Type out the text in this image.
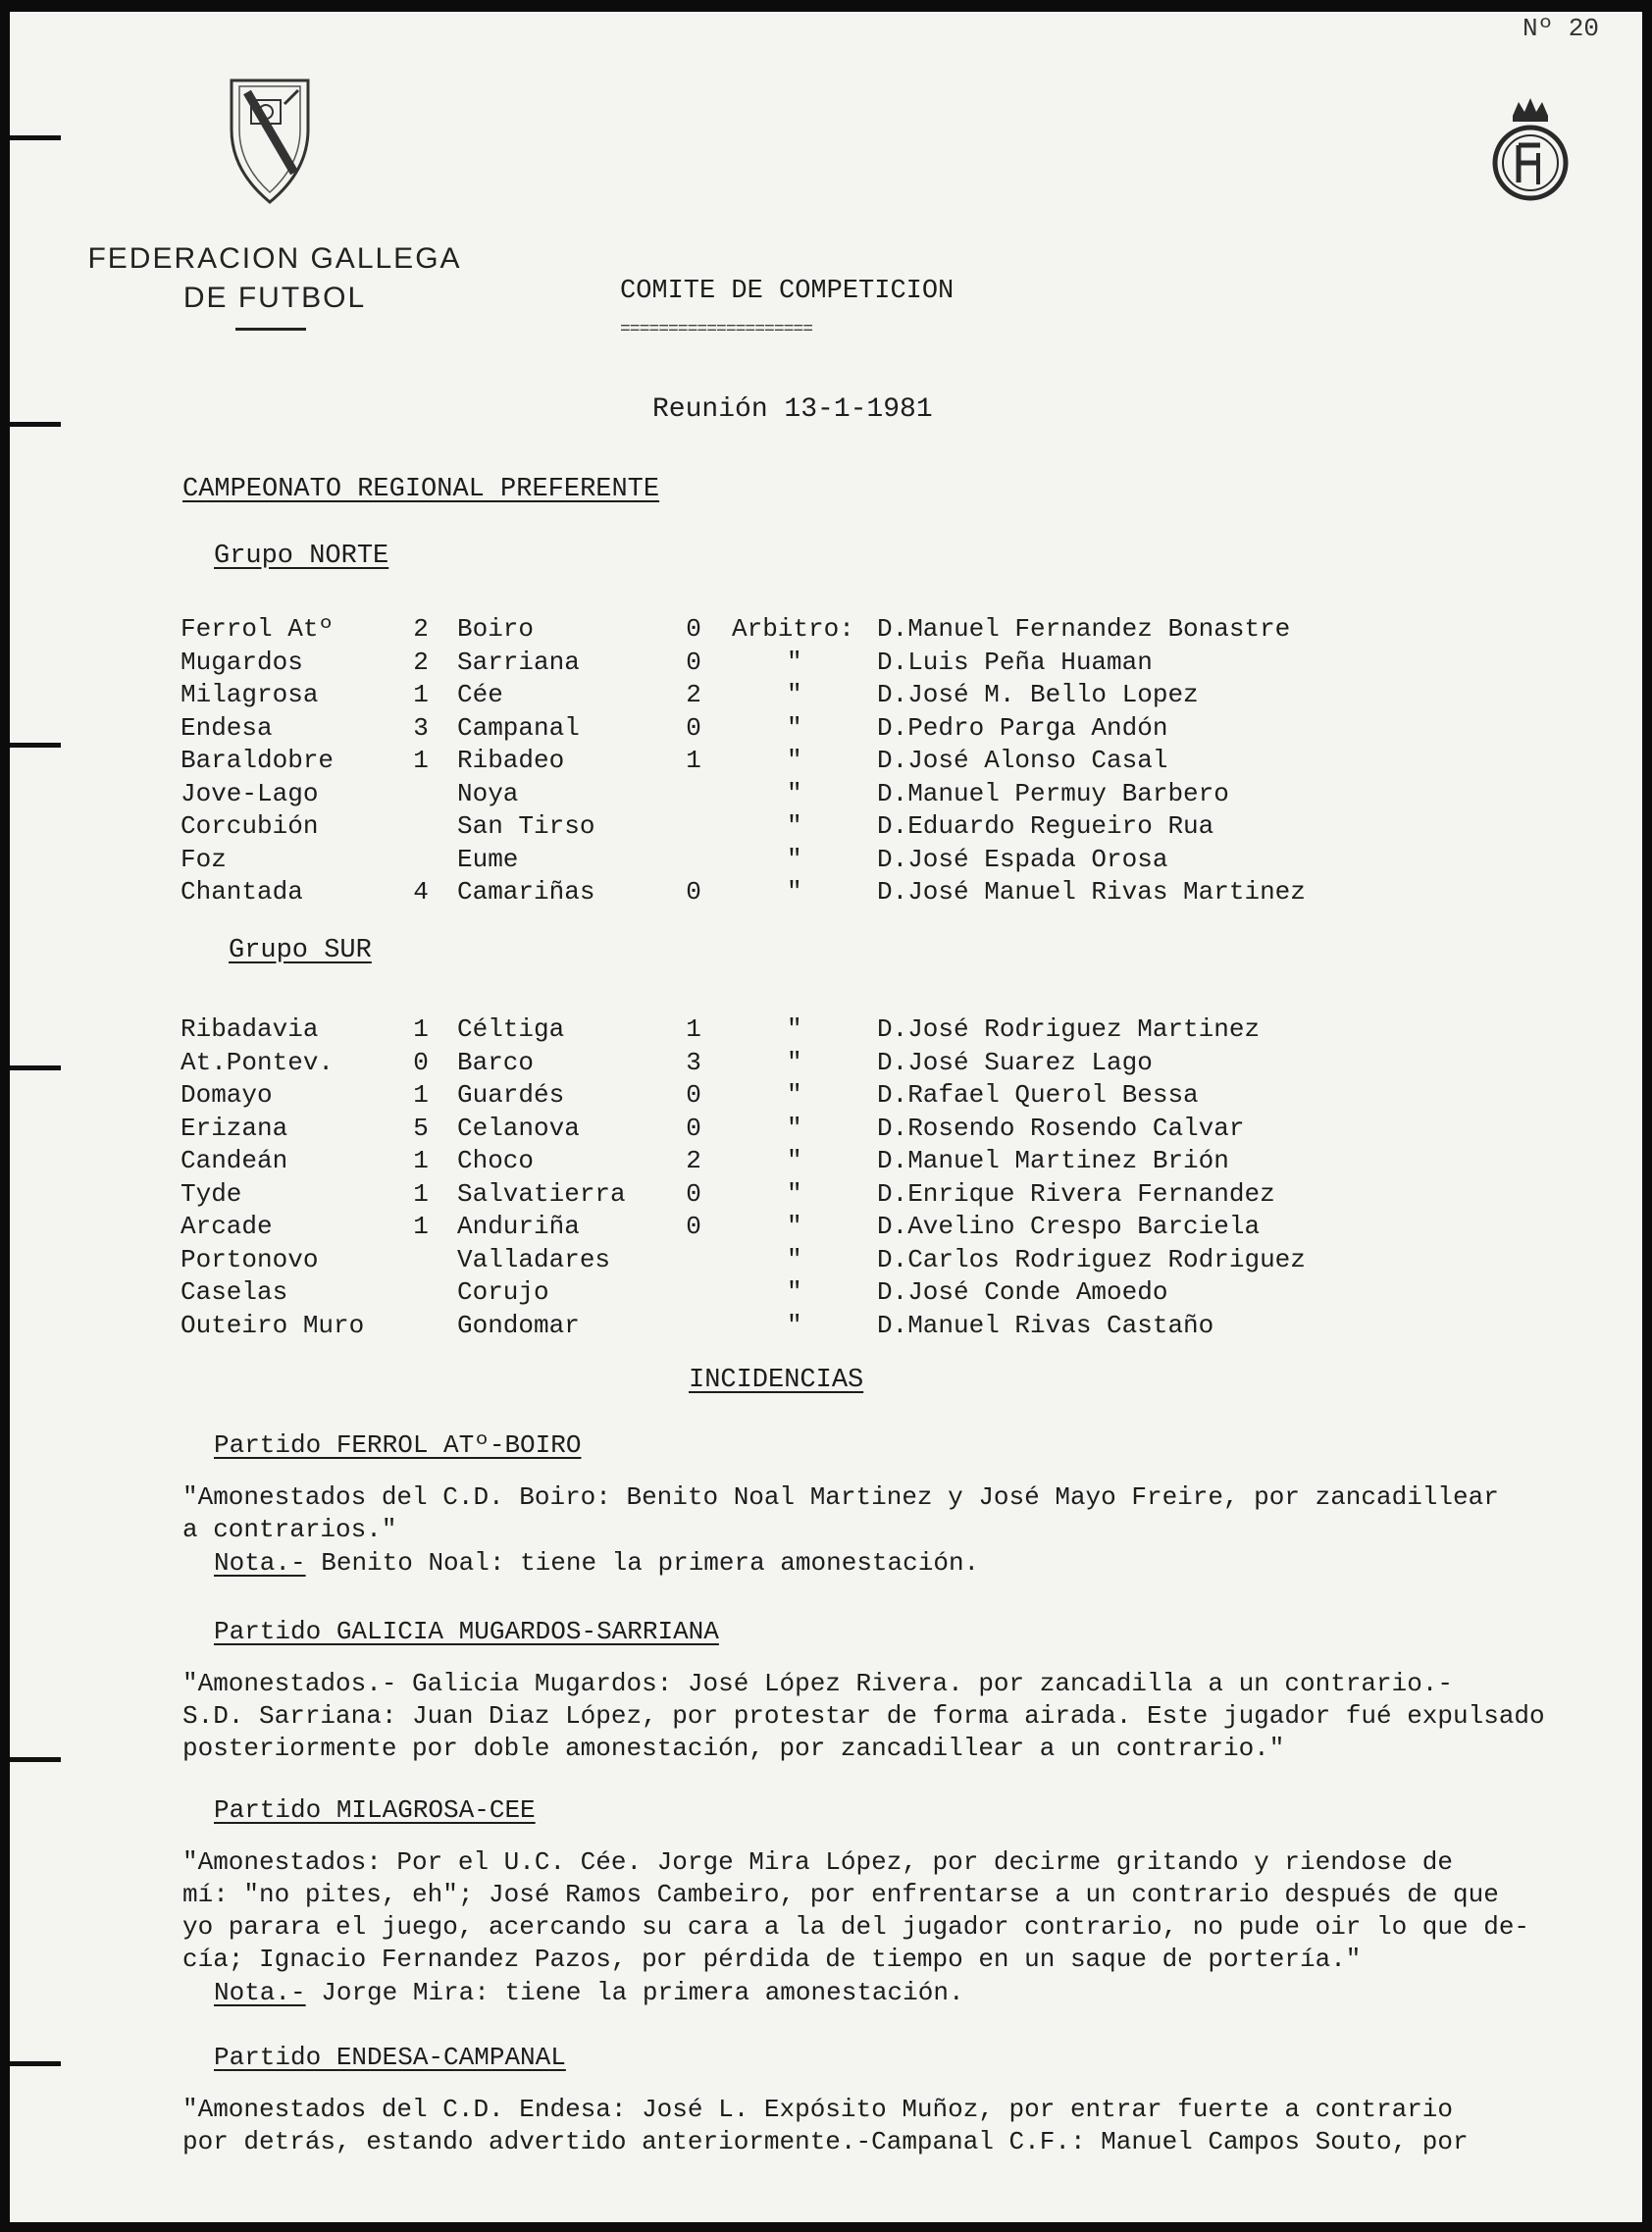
Nº 20
FEDERACION GALLEGA
DE FUTBOL	COMITE DE COMPETICION
====================
Reunión 13-1-1981
CAMPEONATO REGIONAL PREFERENTE
Grupo NORTE
Ferrol Atº	2 Boiro	0 Arbitro: D.Manuel Fernandez Bonastre
Mugardos	2 Sarriana	0	"	D.Luis Peña Huaman
Milagrosa	1 Cée	2	"	D.José M. Bello Lopez
Endesa	3 Campanal	0	"	D.Pedro Parga Andón
Baraldobre	1 Ribadeo	1	"	D.José Alonso Casal
Jove-Lago	Noya	"	D.Manuel Permuy Barbero
Corcubión	San Tirso	"	D.Eduardo Regueiro Rua
Foz	Eume	"	D.José Espada Orosa
Chantada	4 Camariñas	0	"	D.José Manuel Rivas Martinez
Grupo SUR
Ribadavia	1 Céltiga	1	"	D.José Rodriguez Martinez
At.Pontev.	0 Barco	3	"	D.José Suarez Lago
Domayo	1 Guardés	0	"	D.Rafael Querol Bessa
Erizana	5 Celanova	0	"	D.Rosendo Rosendo Calvar
Candeán	1 Choco	2	"	D.Manuel Martinez Brión
Tyde	1 Salvatierra 0	"	D.Enrique Rivera Fernandez
Arcade	1 Anduriña	0	"	D.Avelino Crespo Barciela
Portonovo	Valladares	"	D.Carlos Rodriguez Rodriguez
Caselas	Corujo	"	D.José Conde Amoedo
Outeiro Muro	Gondomar	"	D.Manuel Rivas Castaño
INCIDENCIAS
Partido FERROL ATº-BOIRO
"Amonestados del C.D. Boiro: Benito Noal Martinez y José Mayo Freire, por zancadillear
a contrarios."
Nota.- Benito Noal: tiene la primera amonestación.
Partido GALICIA MUGARDOS-SARRIANA
"Amonestados.- Galicia Mugardos: José López Rivera. por zancadilla a un contrario.-
S.D. Sarriana: Juan Diaz López, por protestar de forma airada. Este jugador fué expulsado
posteriormente por doble amonestación, por zancadillear a un contrario."
Partido MILAGROSA-CEE
"Amonestados: Por el U.C. Cée. Jorge Mira López, por decirme gritando y riendose de
mí: "no pites, eh"; José Ramos Cambeiro, por enfrentarse a un contrario después de que
yo parara el juego, acercando su cara a la del jugador contrario, no pude oir lo que de-
cía; Ignacio Fernandez Pazos, por pérdida de tiempo en un saque de portería."
Nota.- Jorge Mira: tiene la primera amonestación.
Partido ENDESA-CAMPANAL
"Amonestados del C.D. Endesa: José L. Expósito Muñoz, por entrar fuerte a contrario
por detrás, estando advertido anteriormente.-Campanal C.F.: Manuel Campos Souto, por
